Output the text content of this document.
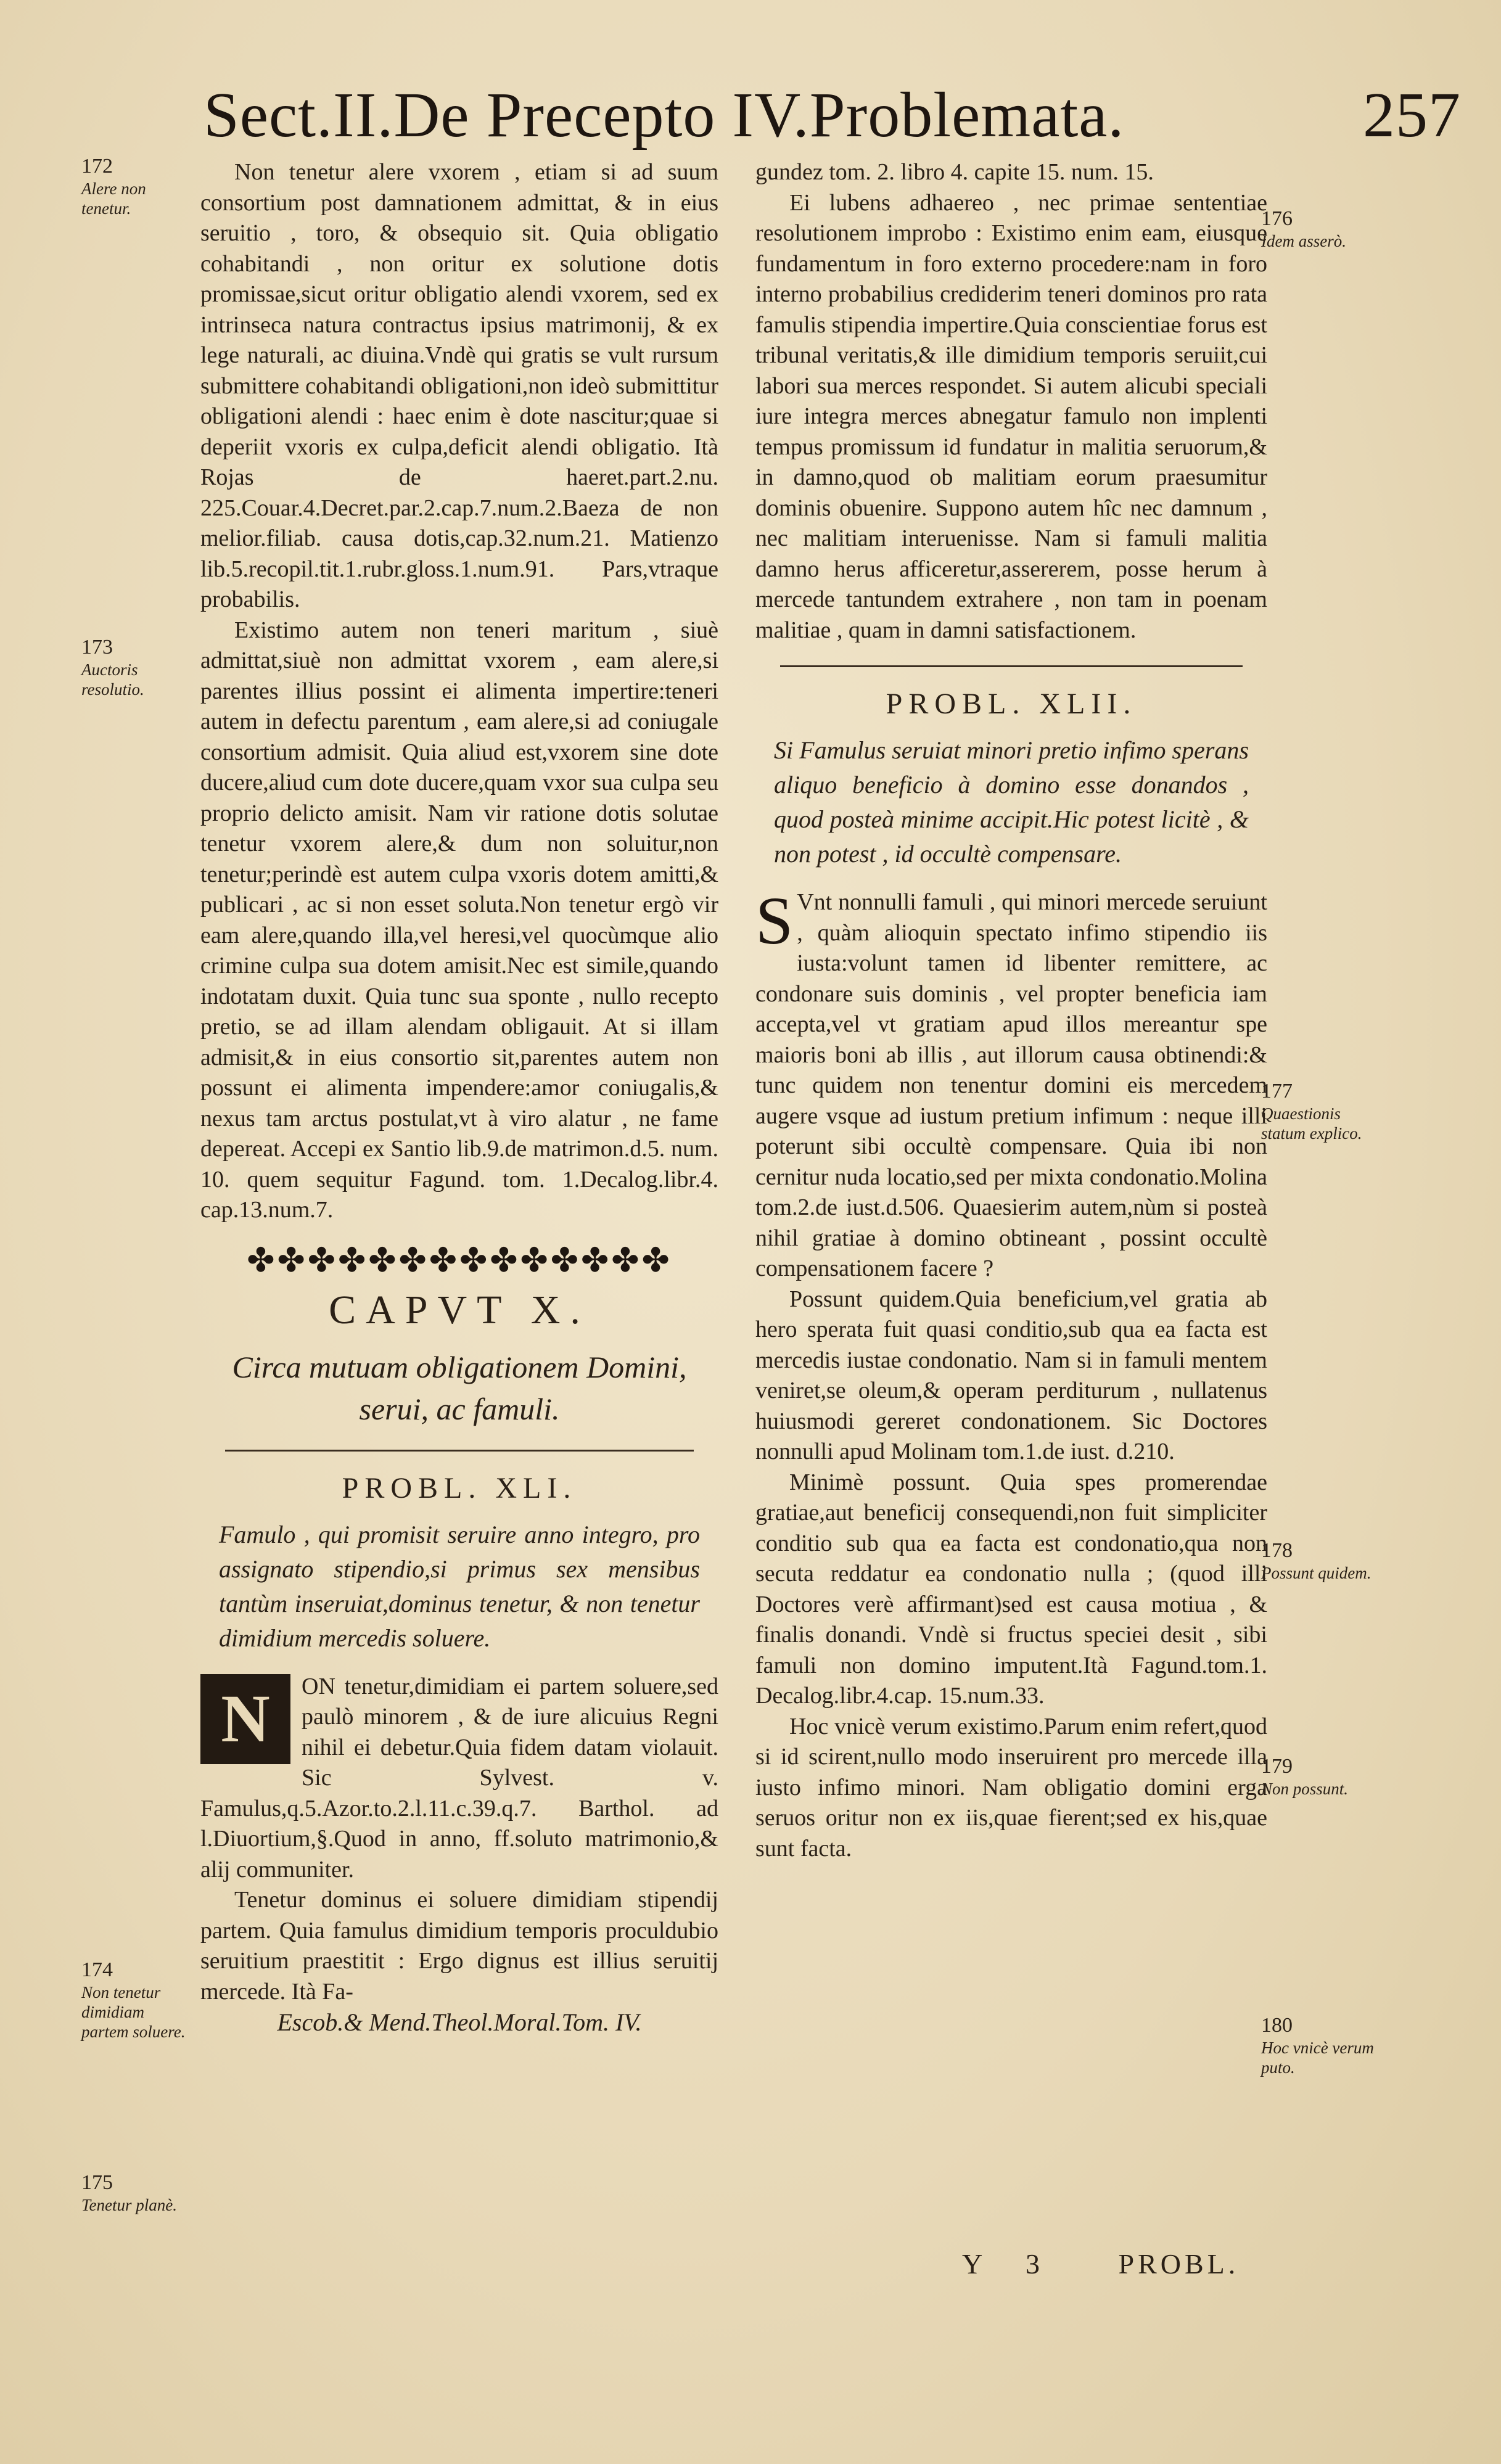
Sect.II.De Precepto IV.Problemata.	257
172
Alere non tenetur.
173
Auctoris resolutio.
174
Non tenetur dimidiam partem soluere.
175
Tenetur planè.
176
Idem asserò.
177
Quaestionis statum explico.
178
Possunt quidem.
179
Non possunt.
180
Hoc vnicè verum puto.

Non tenetur alere vxorem , etiam si ad suum consortium post damnationem admittat, & in eius seruitio , toro, & obsequio sit. Quia obligatio cohabitandi , non oritur ex solutione dotis promissae,sicut oritur obligatio alendi vxorem, sed ex intrinseca natura contractus ipsius matrimonij, & ex lege naturali, ac diuina.Vndè qui gratis se vult rursum submittere cohabitandi obligationi,non ideò submittitur obligationi alendi : haec enim è dote nascitur;quae si deperiit vxoris ex culpa,deficit alendi obligatio. Ità Rojas de haeret.part.2.nu. 225.Couar.4.Decret.par.2.cap.7.num.2.Baeza de non melior.filiab. causa dotis,cap.32.num.21. Matienzo lib.5.recopil.tit.1.rubr.gloss.1.num.91. Pars,vtraque probabilis.

Existimo autem non teneri maritum , siuè admittat,siuè non admittat vxorem , eam alere,si parentes illius possint ei alimenta impertire:teneri autem in defectu parentum , eam alere,si ad coniugale consortium admisit. Quia aliud est,vxorem sine dote ducere,aliud cum dote ducere,quam vxor sua culpa seu proprio delicto amisit. Nam vir ratione dotis solutae tenetur vxorem alere,& dum non soluitur,non tenetur;perindè est autem culpa vxoris dotem amitti,& publicari , ac si non esset soluta.Non tenetur ergò vir eam alere,quando illa,vel heresi,vel quocùmque alio crimine culpa sua dotem amisit.Nec est simile,quando indotatam duxit. Quia tunc sua sponte , nullo recepto pretio, se ad illam alendam obligauit. At si illam admisit,& in eius consortio sit,parentes autem non possunt ei alimenta impendere:amor coniugalis,& nexus tam arctus postulat,vt à viro alatur , ne fame depereat. Accepi ex Santio lib.9.de matrimon.d.5. num. 10. quem sequitur Fagund. tom. 1.Decalog.libr.4. cap.13.num.7.

✤✤✤✤✤✤✤✤✤✤✤✤✤✤
CAPVT X.
Circa mutuam obligationem Domini, serui, ac famuli.
PROBL. XLI.
Famulo , qui promisit seruire anno integro, pro assignato stipendio,si primus sex mensibus tantùm inseruiat,dominus tenetur, & non tenetur dimidium mercedis soluere.
N	ON tenetur,dimidiam ei partem soluere,sed paulò minorem , & de iure alicuius Regni nihil ei debetur.Quia fidem datam violauit. Sic Sylvest. v. Famulus,q.5.Azor.to.2.l.11.c.39.q.7. Barthol. ad l.Diuortium,§.Quod in anno, ff.soluto matrimonio,& alij communiter.

Tenetur dominus ei soluere dimidiam stipendij partem. Quia famulus dimidium temporis proculdubio seruitium praestitit : Ergo dignus est illius seruitij mercede. Ità Fa-

Escob.& Mend.Theol.Moral.Tom. IV.

gundez tom. 2. libro 4. capite 15. num. 15.

Ei lubens adhaereo , nec primae sententiae resolutionem improbo : Existimo enim eam, eiusque fundamentum in foro externo procedere:nam in foro interno probabilius crediderim teneri dominos pro rata famulis stipendia impertire.Quia conscientiae forus est tribunal veritatis,& ille dimidium temporis seruiit,cui labori sua merces respondet. Si autem alicubi speciali iure integra merces abnegatur famulo non implenti tempus promissum id fundatur in malitia seruorum,& in damno,quod ob malitiam eorum praesumitur dominis obuenire. Suppono autem hîc nec damnum , nec malitiam interuenisse. Nam si famuli malitia damno herus afficeretur,assererem, posse herum à mercede tantundem extrahere , non tam in poenam malitiae , quam in damni satisfactionem.

PROBL. XLII.
Si Famulus seruiat minori pretio infimo sperans aliquo beneficio à domino esse donandos , quod posteà minime accipit.Hic potest licitè , & non potest , id occultè compensare.
S Vnt nonnulli famuli , qui minori mercede seruiunt , quàm alioquin spectato infimo stipendio iis iusta:volunt tamen id libenter remittere, ac condonare suis dominis , vel propter beneficia iam accepta,vel vt gratiam apud illos mereantur spe maioris boni ab illis , aut illorum causa obtinendi:& tunc quidem non tenentur domini eis mercedem augere vsque ad iustum pretium infimum : neque illi poterunt sibi occultè compensare. Quia ibi non cernitur nuda locatio,sed per mixta condonatio.Molina tom.2.de iust.d.506. Quaesierim autem,nùm si posteà nihil gratiae à domino obtineant , possint occultè compensationem facere ?

Possunt quidem.Quia beneficium,vel gratia ab hero sperata fuit quasi conditio,sub qua ea facta est mercedis iustae condonatio. Nam si in famuli mentem veniret,se oleum,& operam perditurum , nullatenus huiusmodi gereret condonationem. Sic Doctores nonnulli apud Molinam tom.1.de iust. d.210.

Minimè possunt. Quia spes promerendae gratiae,aut beneficij consequendi,non fuit simpliciter conditio sub qua ea facta est condonatio,qua non secuta reddatur ea condonatio nulla ; (quod illi Doctores verè affirmant)sed est causa motiua , & finalis donandi. Vndè si fructus speciei desit , sibi famuli non domino imputent.Ità Fagund.tom.1. Decalog.libr.4.cap. 15.num.33.

Hoc vnicè verum existimo.Parum enim refert,quod si id scirent,nullo modo inseruirent pro mercede illa iusto infimo minori. Nam obligatio domini erga seruos oritur non ex iis,quae fierent;sed ex his,quae sunt facta.

Y 3 PROBL.
